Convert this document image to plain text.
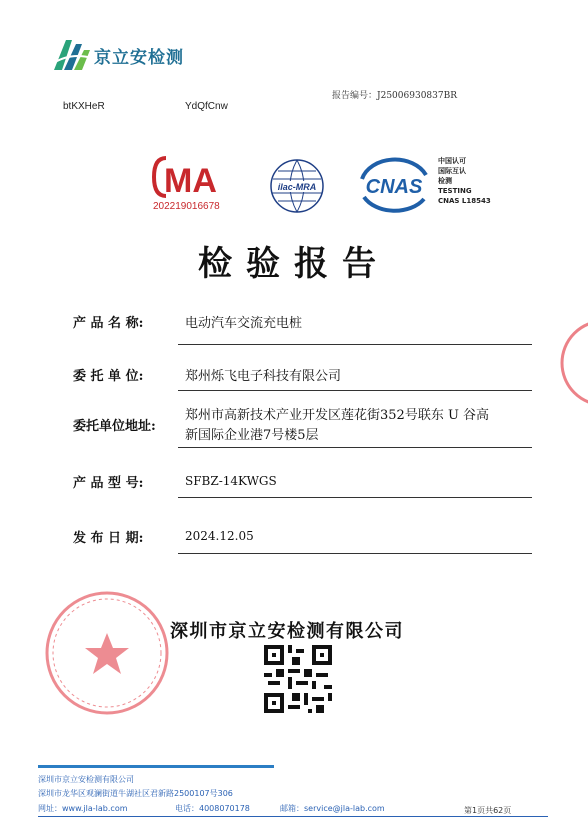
京立安检测
报告编号：J25006930837BR
btKXHeR	YdQfCnw
MA
202219016678
ilac-MRA CNAS
中国认可
国际互认
检测
TESTING
CNAS L18543
检验报告
产 品 名 称:	电动汽车交流充电桩
委 托 单 位:	郑州烁飞电子科技有限公司
委托单位地址:
郑州市高新技术产业开发区莲花街352号联东 U 谷高
新国际企业港7号楼5层
产 品 型 号:	SFBZ-14KWGS
发 布 日 期:	2024.12.05
深圳市京立安检测有限公司
深圳市京立安检测有限公司
深圳市龙华区观澜街道牛湖社区君新路2500107号306
网址：www.jla-lab.com	电话：4008070178	邮箱：service@jla-lab.com	第1页共62页
